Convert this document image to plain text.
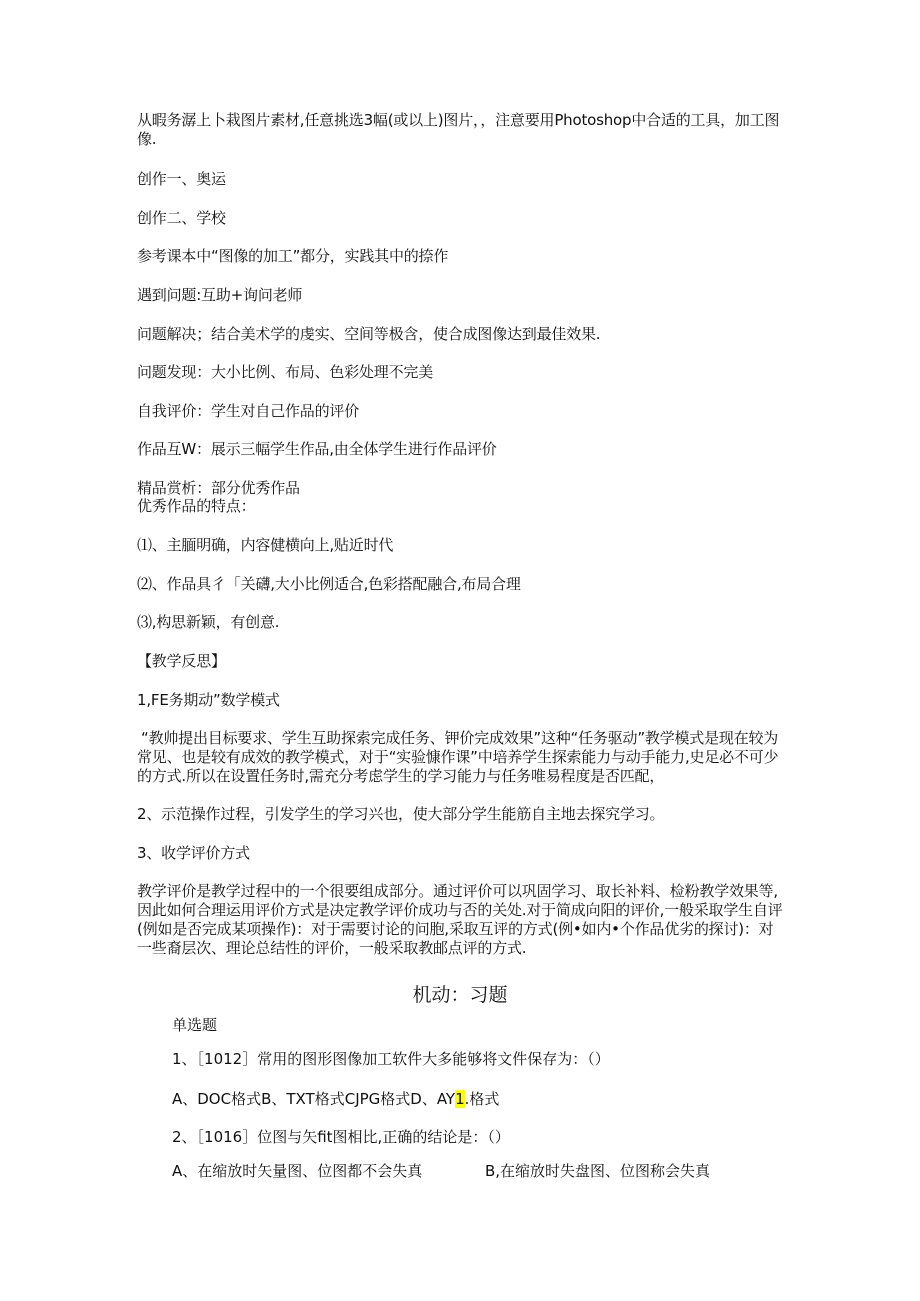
从暇务潺上卜栽图片素材,任意挑选3幅(或以上)图片，，注意要用Photoshop中合适的工具，加工图像.

创作一、奥运

创作二、学校

参考课本中“图像的加工”都分，实践其中的捺作

遇到问题:互助+询问老师

问题解决；结合美术学的虔实、空间等极含，使合成图像达到最佳效果.

问题发现：大小比例、布局、色彩处理不完美

自我评价：学生对自己作品的评价

作品互W：展示三幅学生作品,由全体学生进行作品评价

精品赏析：部分优秀作品

优秀作品的特点：

⑴、主腼明确，内容健横向上,贴近时代

⑵、作品具彳「关礴,大小比例适合,色彩搭配融合,布局合理

⑶,构思新颖，有创意.

【教学反思】

1,FE务期动”数学模式

“教帅提出目标要求、学生互助探索完成任务、钾价完成效果”这种“任务驱动”教学模式是现在较为常见、也是较有成效的教学模式，对于“实验慷作课”中培养学生探索能力与动手能力,史足必不可少的方式.所以在设置任务时,需充分考虑学生的学习能力与任务唯易程度是否匹配，

2、示范操作过程，引发学生的学习兴也，使大部分学生能筋自主地去探究学习。

3、收学评价方式

教学评价是教学过程中的一个很要组成部分。通过评价可以巩固学习、取长补料、检粉教学效果等,因此如何合理运用评价方式是决定教学评价成功与否的关处.对于简成向阳的评价,一般采取学生自评(例如是否完成某项操作)：对于需要讨论的问胞,采取互评的方式(例•如内•个作品优劣的探讨)：对一些裔层次、理论总结性的评价，一般采取教邮点评的方式.

机动：习题

单选题

1、［1012］常用的图形图像加工软件大多能够将文件保存为：（）

A、DOC格式B、TXT格式CJPG格式D、AY1.格式

2、［1016］位图与矢fit图相比,正确的结论是：（）

A、在缩放时矢量图、位图都不会失真	B,在缩放时失盘图、位图称会失真
